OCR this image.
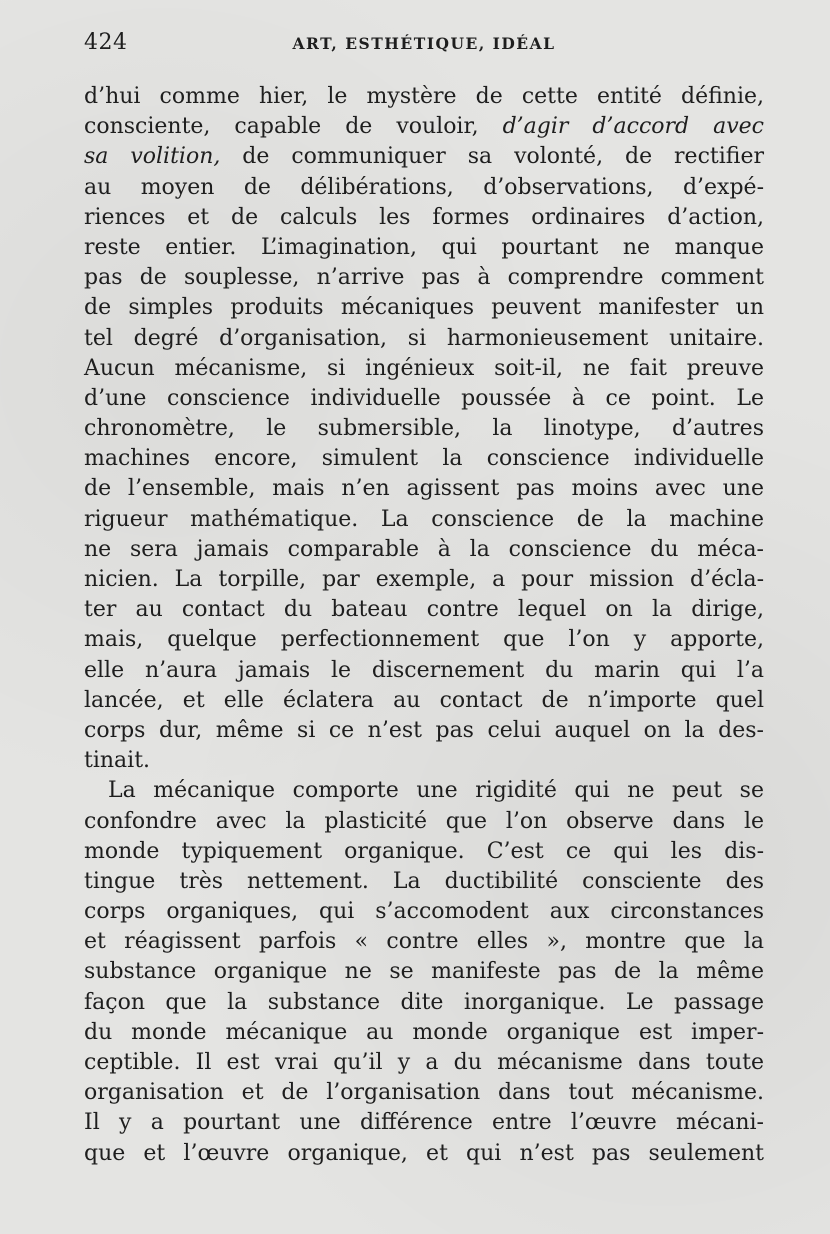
424	ART, ESTHÉTIQUE, IDÉAL
d’hui comme hier, le mystère de cette entité définie,
consciente, capable de vouloir, d’agir d’accord avec
sa volition, de communiquer sa volonté, de rectifier
au moyen de délibérations, d’observations, d’expé-
riences et de calculs les formes ordinaires d’action,
reste entier. L’imagination, qui pourtant ne manque
pas de souplesse, n’arrive pas à comprendre comment
de simples produits mécaniques peuvent manifester un
tel degré d’organisation, si harmonieusement unitaire.
Aucun mécanisme, si ingénieux soit-il, ne fait preuve
d’une conscience individuelle poussée à ce point. Le
chronomètre, le submersible, la linotype, d’autres
machines encore, simulent la conscience individuelle
de l’ensemble, mais n’en agissent pas moins avec une
rigueur mathématique. La conscience de la machine
ne sera jamais comparable à la conscience du méca-
nicien. La torpille, par exemple, a pour mission d’écla-
ter au contact du bateau contre lequel on la dirige,
mais, quelque perfectionnement que l’on y apporte,
elle n’aura jamais le discernement du marin qui l’a
lancée, et elle éclatera au contact de n’importe quel
corps dur, même si ce n’est pas celui auquel on la des-
tinait.
La mécanique comporte une rigidité qui ne peut se
confondre avec la plasticité que l’on observe dans le
monde typiquement organique. C’est ce qui les dis-
tingue très nettement. La ductibilité consciente des
corps organiques, qui s’accomodent aux circonstances
et réagissent parfois « contre elles », montre que la
substance organique ne se manifeste pas de la même
façon que la substance dite inorganique. Le passage
du monde mécanique au monde organique est imper-
ceptible. Il est vrai qu’il y a du mécanisme dans toute
organisation et de l’organisation dans tout mécanisme.
Il y a pourtant une différence entre l’œuvre mécani-
que et l’œuvre organique, et qui n’est pas seulement
